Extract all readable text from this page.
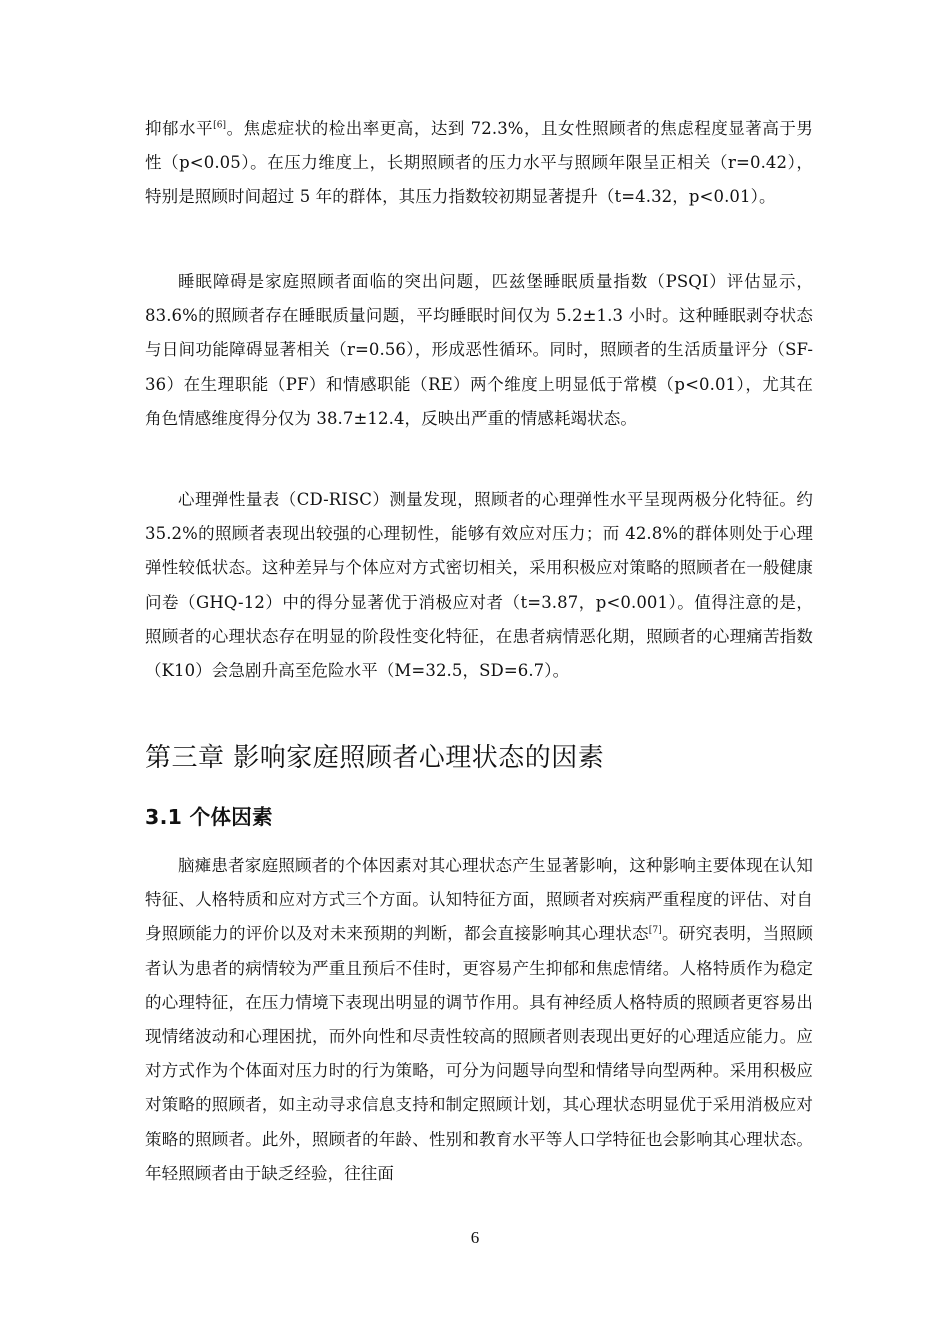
抑郁水平[6]。焦虑症状的检出率更高，达到 72.3%，且女性照顾者的焦虑程度显著高于男性（p<0.05）。在压力维度上，长期照顾者的压力水平与照顾年限呈正相关（r=0.42），特别是照顾时间超过 5 年的群体，其压力指数较初期显著提升（t=4.32，p<0.01）。

睡眠障碍是家庭照顾者面临的突出问题，匹兹堡睡眠质量指数（PSQI）评估显示，83.6%的照顾者存在睡眠质量问题，平均睡眠时间仅为 5.2±1.3 小时。这种睡眠剥夺状态与日间功能障碍显著相关（r=0.56），形成恶性循环。同时，照顾者的生活质量评分（SF-36）在生理职能（PF）和情感职能（RE）两个维度上明显低于常模（p<0.01），尤其在角色情感维度得分仅为 38.7±12.4，反映出严重的情感耗竭状态。

心理弹性量表（CD-RISC）测量发现，照顾者的心理弹性水平呈现两极分化特征。约 35.2%的照顾者表现出较强的心理韧性，能够有效应对压力；而 42.8%的群体则处于心理弹性较低状态。这种差异与个体应对方式密切相关，采用积极应对策略的照顾者在一般健康问卷（GHQ-12）中的得分显著优于消极应对者（t=3.87，p<0.001）。值得注意的是，照顾者的心理状态存在明显的阶段性变化特征，在患者病情恶化期，照顾者的心理痛苦指数（K10）会急剧升高至危险水平（M=32.5，SD=6.7）。

第三章 影响家庭照顾者心理状态的因素
3.1 个体因素

脑瘫患者家庭照顾者的个体因素对其心理状态产生显著影响，这种影响主要体现在认知特征、人格特质和应对方式三个方面。认知特征方面，照顾者对疾病严重程度的评估、对自身照顾能力的评价以及对未来预期的判断，都会直接影响其心理状态[7]。研究表明，当照顾者认为患者的病情较为严重且预后不佳时，更容易产生抑郁和焦虑情绪。人格特质作为稳定的心理特征，在压力情境下表现出明显的调节作用。具有神经质人格特质的照顾者更容易出现情绪波动和心理困扰，而外向性和尽责性较高的照顾者则表现出更好的心理适应能力。应对方式作为个体面对压力时的行为策略，可分为问题导向型和情绪导向型两种。采用积极应对策略的照顾者，如主动寻求信息支持和制定照顾计划，其心理状态明显优于采用消极应对策略的照顾者。此外，照顾者的年龄、性别和教育水平等人口学特征也会影响其心理状态。年轻照顾者由于缺乏经验，往往面

6
